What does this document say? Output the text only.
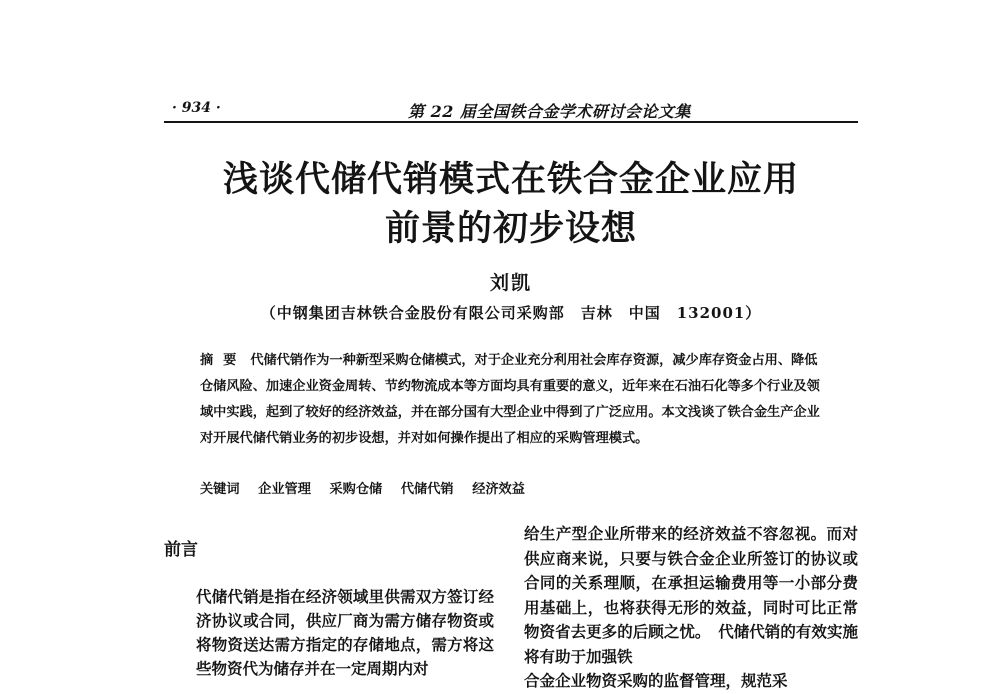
· 934 ·	第 22 届全国铁合金学术研讨会论文集
浅谈代储代销模式在铁合金企业应用
前景的初步设想
刘凯
（中钢集团吉林铁合金股份有限公司采购部　吉林　中国　132001）
摘要 代储代销作为一种新型采购仓储模式，对于企业充分利用社会库存资源，减少库存资金占用、降低仓储风险、加速企业资金周转、节约物流成本等方面均具有重要的意义，近年来在石油石化等多个行业及领域中实践，起到了较好的经济效益，并在部分国有大型企业中得到了广泛应用。本文浅谈了铁合金生产企业对开展代储代销业务的初步设想，并对如何操作提出了相应的采购管理模式。
关键词 企业管理 采购仓储 代储代销 经济效益
前言
代储代销是指在经济领域里供需双方签订经济协议或合同，供应厂商为需方储存物资或将物资送达需方指定的存储地点，需方将这些物资代为储存并在一定周期内对
给生产型企业所带来的经济效益不容忽视。而对供应商来说，只要与铁合金企业所签订的协议或合同的关系理顺，在承担运输费用等一小部分费用基础上，也将获得无形的效益，同时可比正常物资省去更多的后顾之忧。　代储代销的有效实施将有助于加强铁
合金企业物资采购的监督管理，规范采
